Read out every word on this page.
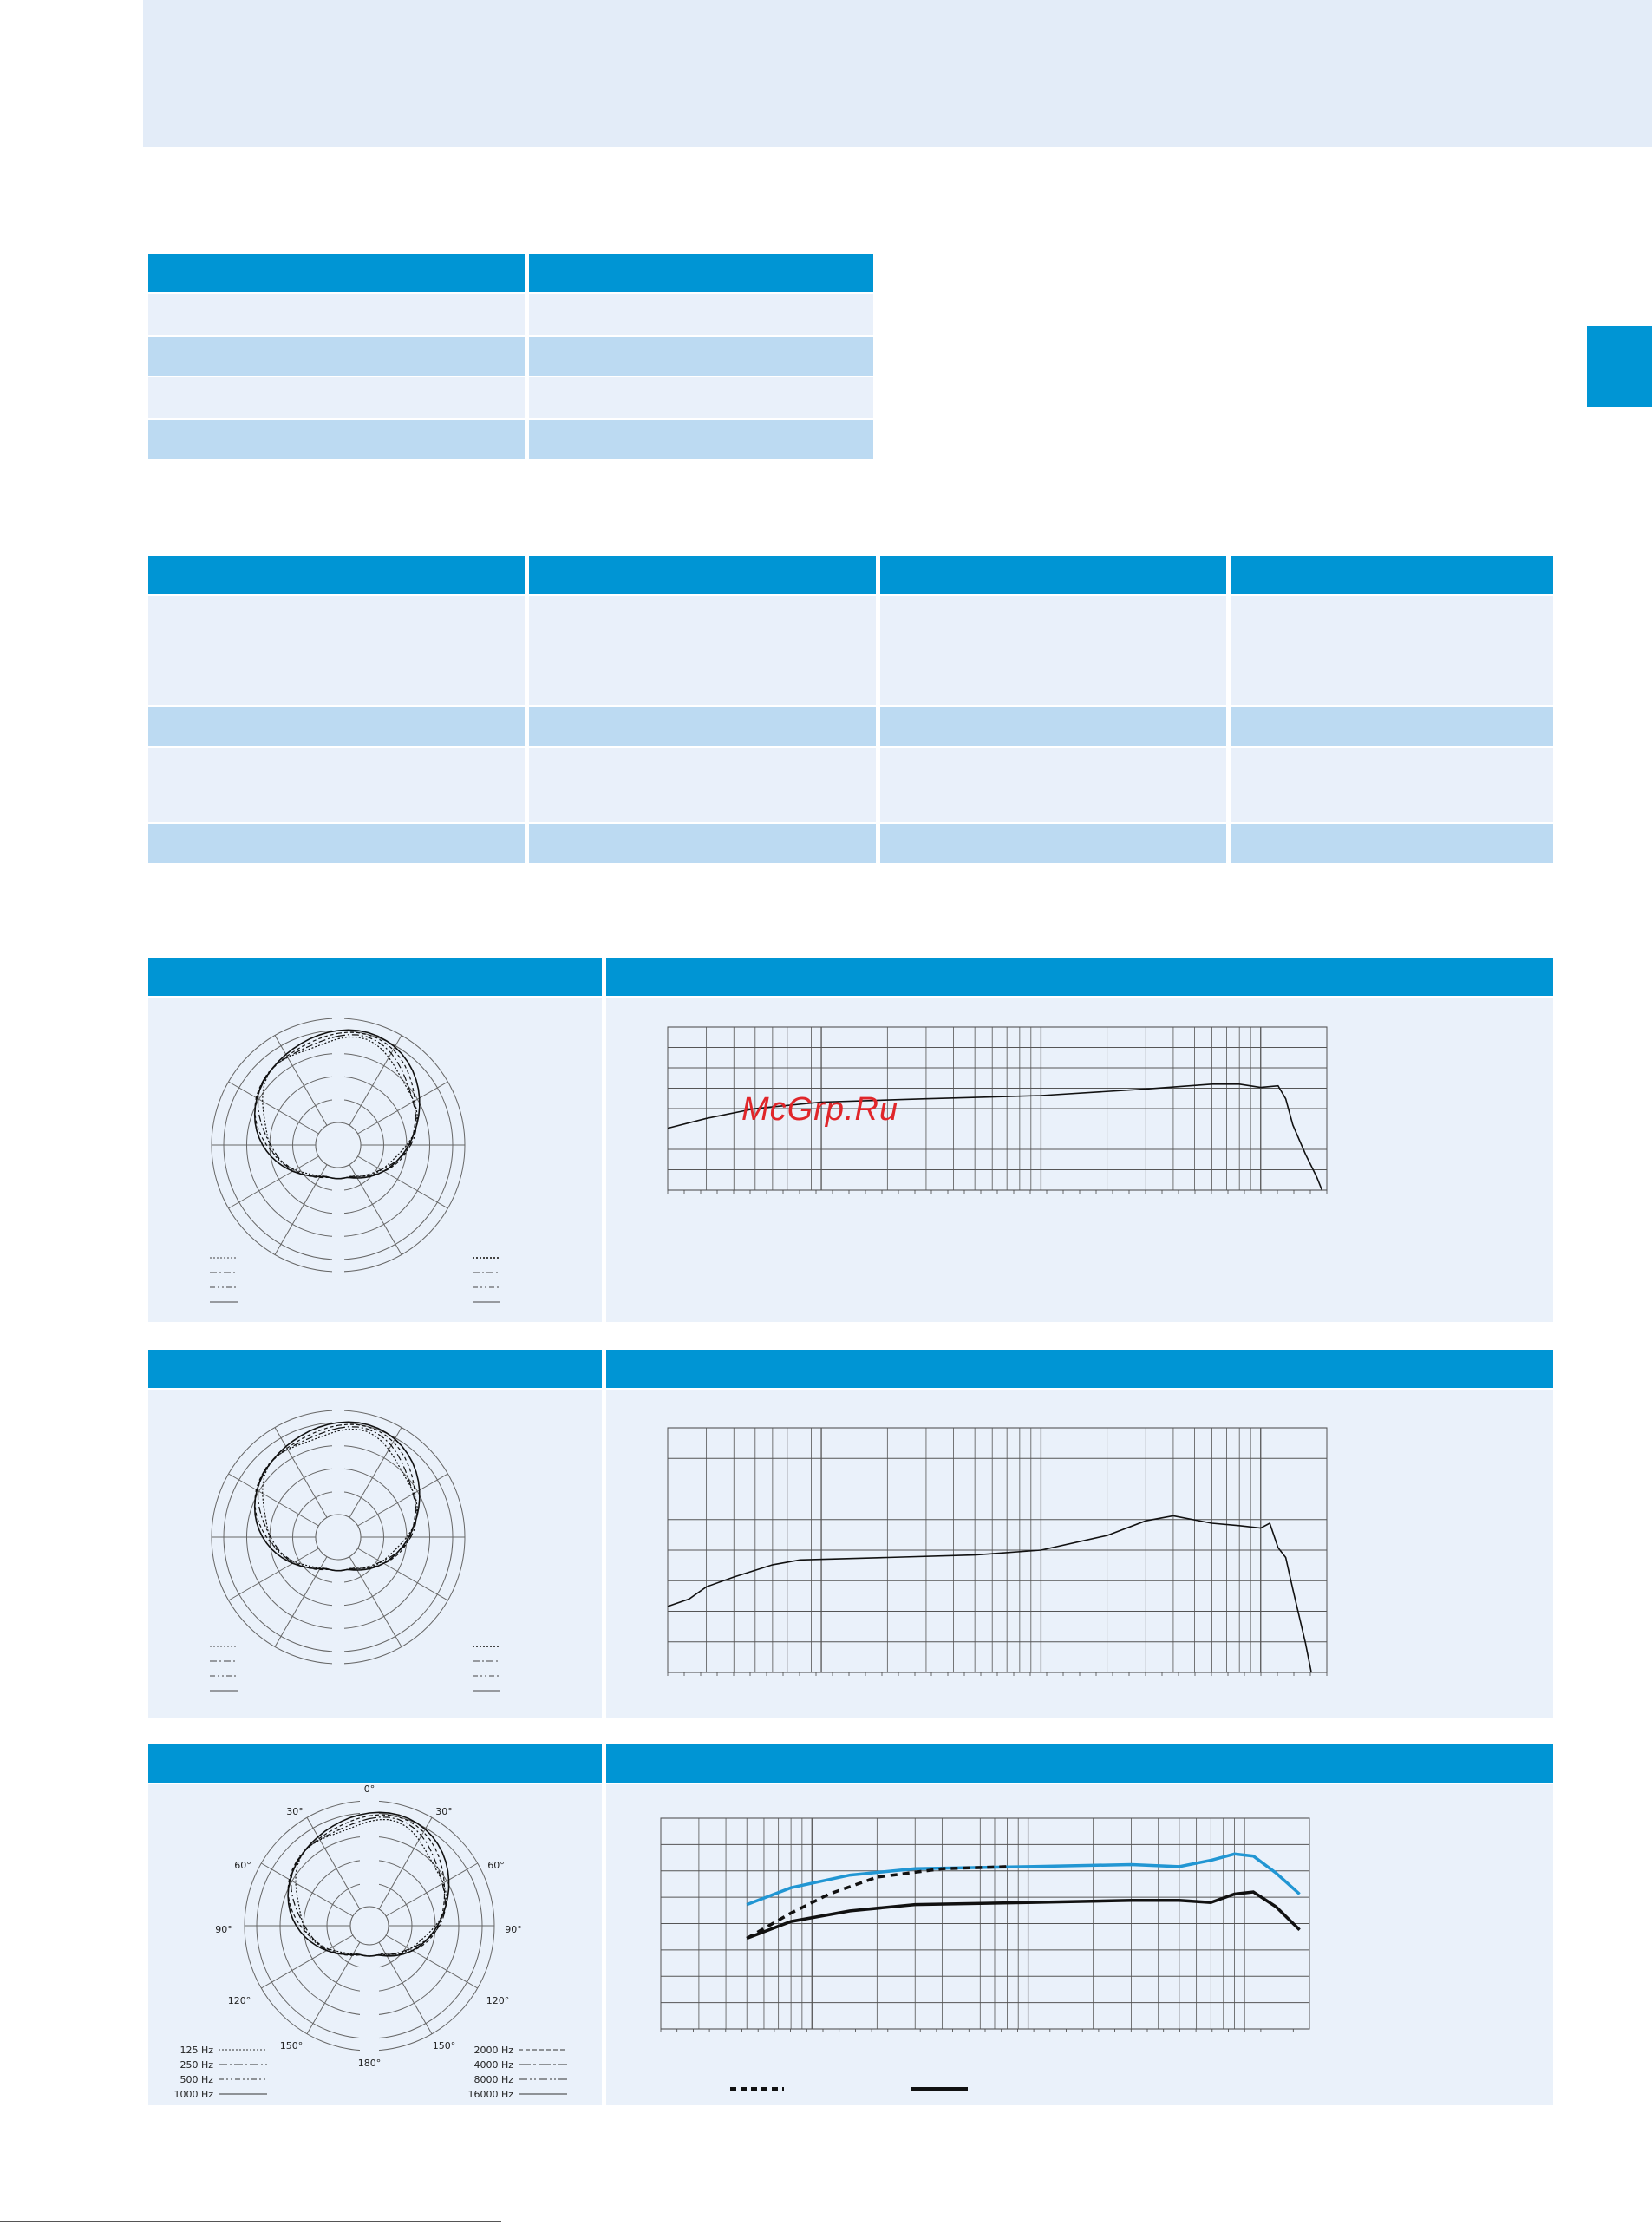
0°
30°	30°
60°	60°
90°	90°
120°	120°
150°	150°
180°
125 Hz
250 Hz
500 Hz
1000 Hz
2000 Hz
4000 Hz
8000 Hz
16000 Hz
McGrp.Ru
